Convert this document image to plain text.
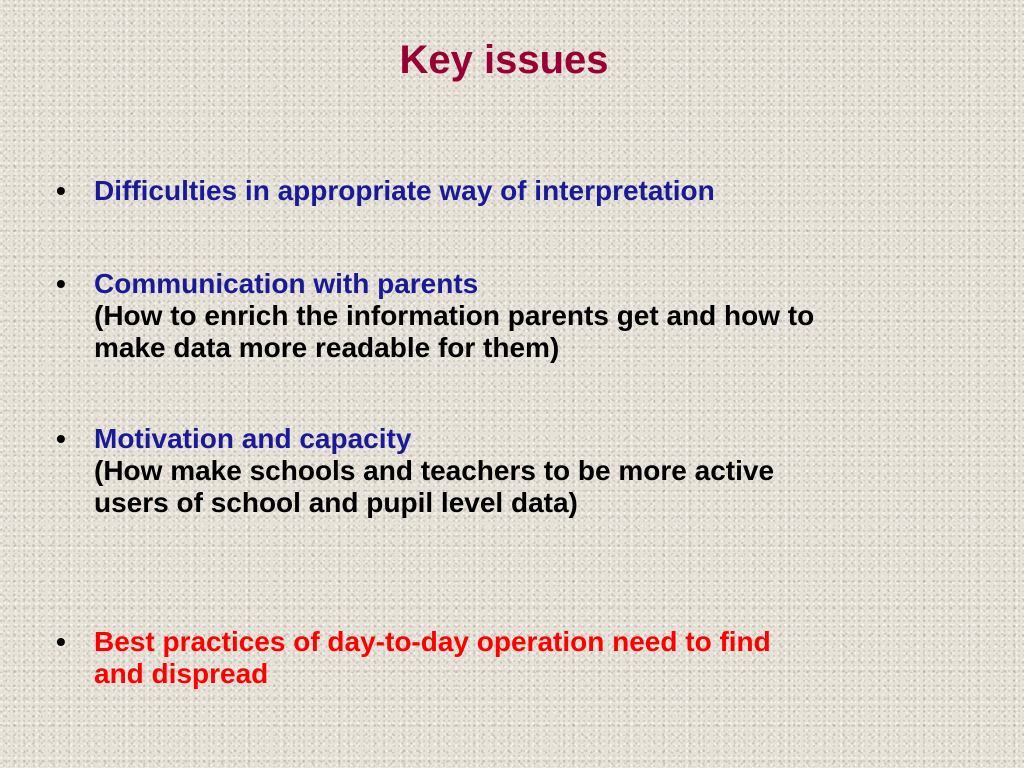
Key issues
•	Difficulties in appropriate way of interpretation
•	Communication with parents
(How to enrich the information parents get and how to
make data more readable for them)
•	Motivation and capacity
(How make schools and teachers to be more active
users of school and pupil level data)
•	Best practices of day-to-day operation need to find
and dispread
